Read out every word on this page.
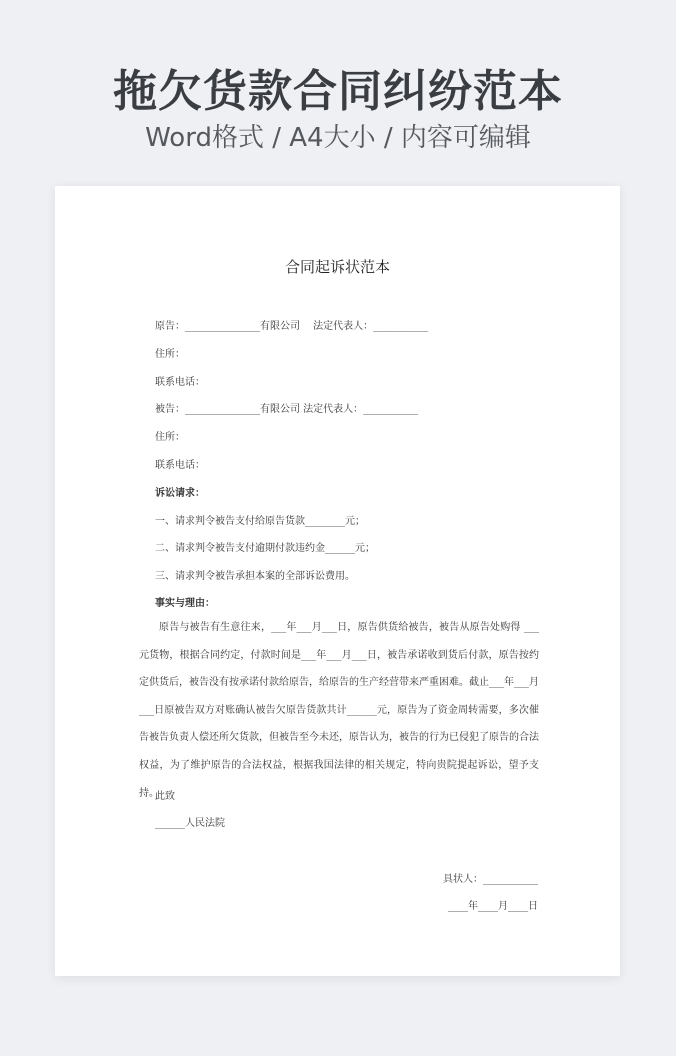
拖欠货款合同纠纷范本
Word格式 / A4大小 / 内容可编辑
合同起诉状范本
原告：_______________有限公司　 法定代表人：___________
住所：
联系电话：
被告：_______________有限公司 法定代表人：___________
住所：
联系电话：
诉讼请求：
一、请求判令被告支付给原告货款________元；
二、请求判令被告支付逾期付款违约金______元；
三、请求判令被告承担本案的全部诉讼费用。
事实与理由：
原告与被告有生意往来，___年___月___日，原告供货给被告，被告从原告处购得 ___元货物，根据合同约定，付款时间是___年___月___日，被告承诺收到货后付款，原告按约定供货后，被告没有按承诺付款给原告，给原告的生产经营带来严重困难。截止___年___月___日原被告双方对账确认被告欠原告货款共计______元，原告为了资金周转需要，多次催告被告负责人偿还所欠货款，但被告至今未还，原告认为，被告的行为已侵犯了原告的合法权益，为了维护原告的合法权益，根据我国法律的相关规定，特向贵院提起诉讼，望予支持。
此致
______人民法院
具状人：___________
____年____月____日
